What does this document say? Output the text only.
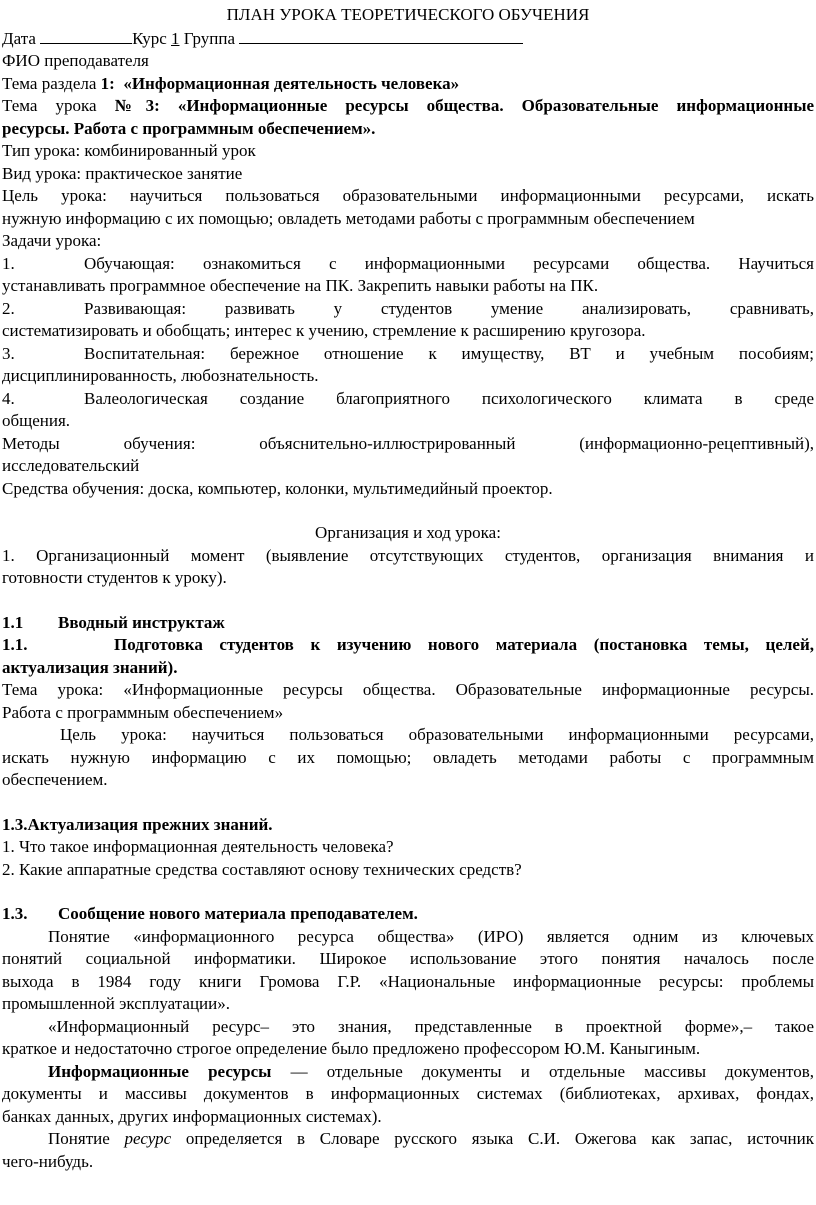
ПЛАН УРОКА ТЕОРЕТИЧЕСКОГО ОБУЧЕНИЯ

Дата	Курс 1 Группа

ФИО преподавателя

Тема раздела 1: «Информационная деятельность человека»

Тема урока №3: «Информационные ресурсы общества. Образовательные информационные

ресурсы. Работа с программным обеспечением».

Тип урока: комбинированный урок

Вид урока: практическое занятие

Цель урока: научиться пользоваться образовательными информационными ресурсами, искать

нужную информацию с их помощью; овладеть методами работы с программным обеспечением

Задачи урока:

1.	Обучающая: ознакомиться с информационными ресурсами общества. Научиться

устанавливать программное обеспечение на ПК. Закрепить навыки работы на ПК.

2.	Развивающая: развивать у студентов умение анализировать, сравнивать,

систематизировать и обобщать; интерес к учению, стремление к расширению кругозора.

3.	Воспитательная: бережное отношение к имуществу, ВТ и учебным пособиям;

дисциплинированность, любознательность.

4.	Валеологическая создание благоприятного психологического климата в среде

общения.

Методы обучения: объяснительно-иллюстрированный (информационно-рецептивный),

исследовательский

Средства обучения: доска, компьютер, колонки, мультимедийный проектор.

Организация и ход урока:

1. Организационный момент (выявление отсутствующих студентов, организация внимания и

готовности студентов к уроку).

1.1 Вводный инструктаж

1.1.	Подготовка студентов к изучению нового материала (постановка темы, целей,

актуализация знаний).

Тема урока: «Информационные ресурсы общества. Образовательные информационные ресурсы.

Работа с программным обеспечением»

Цель урока: научиться пользоваться образовательными информационными ресурсами,

искать нужную информацию с их помощью; овладеть методами работы с программным

обеспечением.

1.3.Актуализация прежних знаний.

1. Что такое информационная деятельность человека?

2. Какие аппаратные средства составляют основу технических средств?

1.3. Сообщение нового материала преподавателем.

Понятие «информационного ресурса общества» (ИРО) является одним из ключевых

понятий социальной информатики. Широкое использование этого понятия началось после

выхода в 1984 году книги Громова Г.Р. «Национальные информационные ресурсы: проблемы

промышленной эксплуатации».

«Информационный ресурс– это знания, представленные в проектной форме»,– такое

краткое и недостаточно строгое определение было предложено профессором Ю.М. Каныгиным.

Информационные ресурсы — отдельные документы и отдельные массивы документов,

документы и массивы документов в информационных системах (библиотеках, архивах, фондах,

банках данных, других информационных системах).

Понятие ресурс определяется в Словаре русского языка С.И. Ожегова как запас, источник

чего-нибудь.
